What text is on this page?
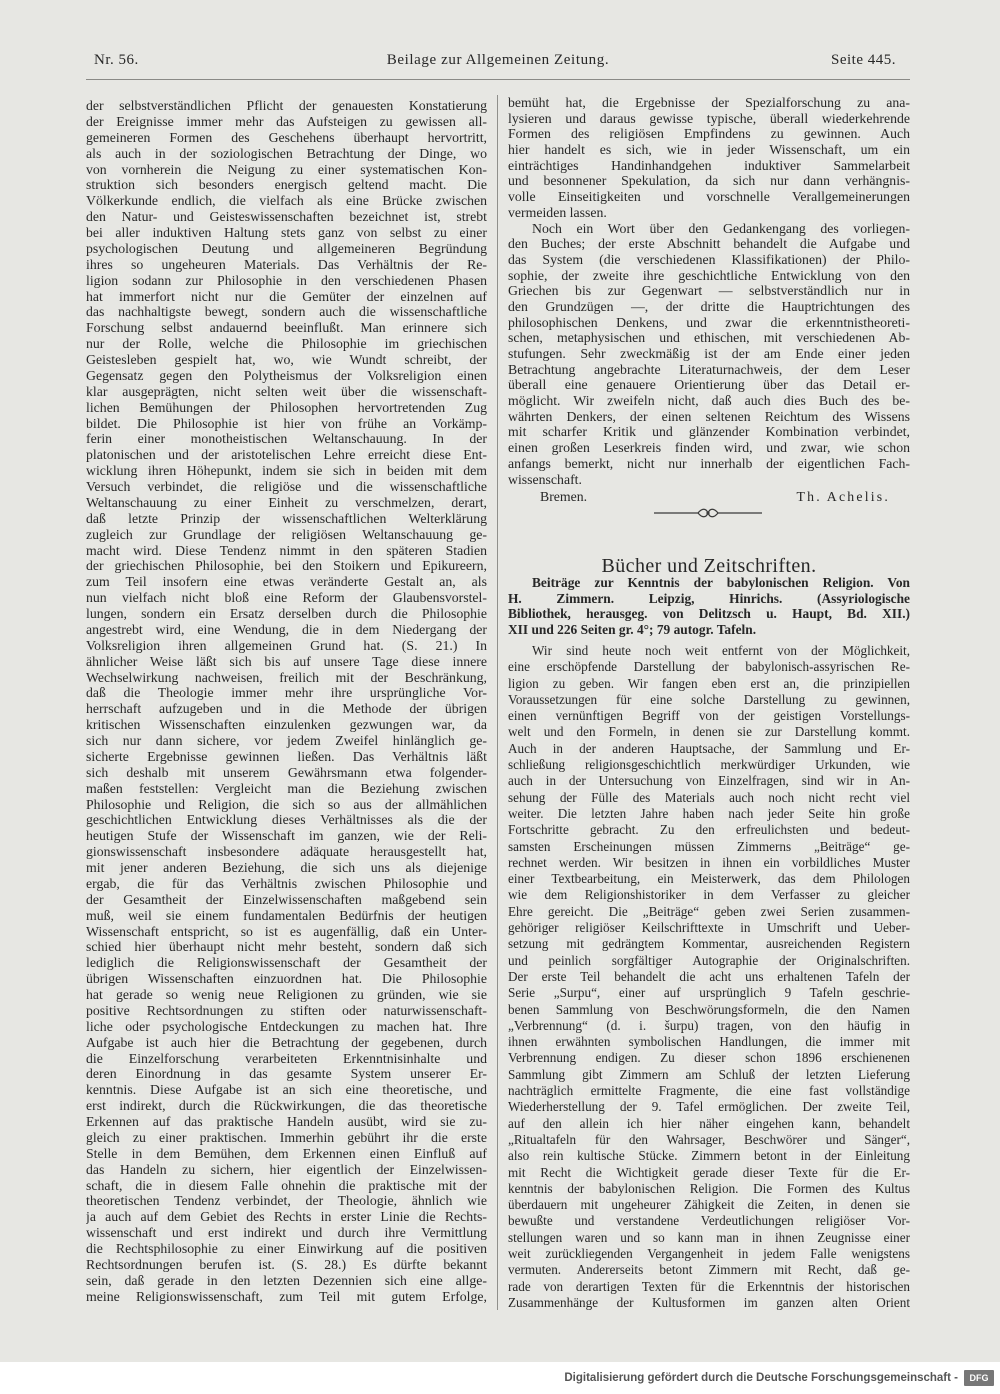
Nr. 56.	Beilage zur Allgemeinen Zeitung.	Seite 445.
der selbstverständlichen Pflicht der genauesten Konstatierung
der Ereignisse immer mehr das Aufsteigen zu gewissen all-
gemeineren Formen des Geschehens überhaupt hervortritt,
als auch in der soziologischen Betrachtung der Dinge, wo
von vornherein die Neigung zu einer systematischen Kon-
struktion sich besonders energisch geltend macht. Die
Völkerkunde endlich, die vielfach als eine Brücke zwischen
den Natur- und Geisteswissenschaften bezeichnet ist, strebt
bei aller induktiven Haltung stets ganz von selbst zu einer
psychologischen Deutung und allgemeineren Begründung
ihres so ungeheuren Materials. Das Verhältnis der Re-
ligion sodann zur Philosophie in den verschiedenen Phasen
hat immerfort nicht nur die Gemüter der einzelnen auf
das nachhaltigste bewegt, sondern auch die wissenschaftliche
Forschung selbst andauernd beeinflußt. Man erinnere sich
nur der Rolle, welche die Philosophie im griechischen
Geistesleben gespielt hat, wo, wie Wundt schreibt, der
Gegensatz gegen den Polytheismus der Volksreligion einen
klar ausgeprägten, nicht selten weit über die wissenschaft-
lichen Bemühungen der Philosophen hervortretenden Zug
bildet. Die Philosophie ist hier von frühe an Vorkämp-
ferin einer monotheistischen Weltanschauung. In der
platonischen und der aristotelischen Lehre erreicht diese Ent-
wicklung ihren Höhepunkt, indem sie sich in beiden mit dem
Versuch verbindet, die religiöse und die wissenschaftliche
Weltanschauung zu einer Einheit zu verschmelzen, derart,
daß letzte Prinzip der wissenschaftlichen Welterklärung
zugleich zur Grundlage der religiösen Weltanschauung ge-
macht wird. Diese Tendenz nimmt in den späteren Stadien
der griechischen Philosophie, bei den Stoikern und Epikureern,
zum Teil insofern eine etwas veränderte Gestalt an, als
nun vielfach nicht bloß eine Reform der Glaubensvorstel-
lungen, sondern ein Ersatz derselben durch die Philosophie
angestrebt wird, eine Wendung, die in dem Niedergang der
Volksreligion ihren allgemeinen Grund hat. (S. 21.) In
ähnlicher Weise läßt sich bis auf unsere Tage diese innere
Wechselwirkung nachweisen, freilich mit der Beschränkung,
daß die Theologie immer mehr ihre ursprüngliche Vor-
herrschaft aufzugeben und in die Methode der übrigen
kritischen Wissenschaften einzulenken gezwungen war, da
sich nur dann sichere, vor jedem Zweifel hinlänglich ge-
sicherte Ergebnisse gewinnen ließen. Das Verhältnis läßt
sich deshalb mit unserem Gewährsmann etwa folgender-
maßen feststellen: Vergleicht man die Beziehung zwischen
Philosophie und Religion, die sich so aus der allmählichen
geschichtlichen Entwicklung dieses Verhältnisses als die der
heutigen Stufe der Wissenschaft im ganzen, wie der Reli-
gionswissenschaft insbesondere adäquate herausgestellt hat,
mit jener anderen Beziehung, die sich uns als diejenige
ergab, die für das Verhältnis zwischen Philosophie und
der Gesamtheit der Einzelwissenschaften maßgebend sein
muß, weil sie einem fundamentalen Bedürfnis der heutigen
Wissenschaft entspricht, so ist es augenfällig, daß ein Unter-
schied hier überhaupt nicht mehr besteht, sondern daß sich
lediglich die Religionswissenschaft der Gesamtheit der
übrigen Wissenschaften einzuordnen hat. Die Philosophie
hat gerade so wenig neue Religionen zu gründen, wie sie
positive Rechtsordnungen zu stiften oder naturwissenschaft-
liche oder psychologische Entdeckungen zu machen hat. Ihre
Aufgabe ist auch hier die Betrachtung der gegebenen, durch
die Einzelforschung verarbeiteten Erkenntnisinhalte und
deren Einordnung in das gesamte System unserer Er-
kenntnis. Diese Aufgabe ist an sich eine theoretische, und
erst indirekt, durch die Rückwirkungen, die das theoretische
Erkennen auf das praktische Handeln ausübt, wird sie zu-
gleich zu einer praktischen. Immerhin gebührt ihr die erste
Stelle in dem Bemühen, dem Erkennen einen Einfluß auf
das Handeln zu sichern, hier eigentlich der Einzelwissen-
schaft, die in diesem Falle ohnehin die praktische mit der
theoretischen Tendenz verbindet, der Theologie, ähnlich wie
ja auch auf dem Gebiet des Rechts in erster Linie die Rechts-
wissenschaft und erst indirekt und durch ihre Vermittlung
die Rechtsphilosophie zu einer Einwirkung auf die positiven
Rechtsordnungen berufen ist. (S. 28.) Es dürfte bekannt
sein, daß gerade in den letzten Dezennien sich eine allge-
meine Religionswissenschaft, zum Teil mit gutem Erfolge,
bemüht hat, die Ergebnisse der Spezialforschung zu ana-
lysieren und daraus gewisse typische, überall wiederkehrende
Formen des religiösen Empfindens zu gewinnen. Auch
hier handelt es sich, wie in jeder Wissenschaft, um ein
einträchtiges Handinhandgehen induktiver Sammelarbeit
und besonnener Spekulation, da sich nur dann verhängnis-
volle Einseitigkeiten und vorschnelle Verallgemeinerungen
vermeiden lassen.
Noch ein Wort über den Gedankengang des vorliegen-
den Buches; der erste Abschnitt behandelt die Aufgabe und
das System (die verschiedenen Klassifikationen) der Philo-
sophie, der zweite ihre geschichtliche Entwicklung von den
Griechen bis zur Gegenwart — selbstverständlich nur in
den Grundzügen —, der dritte die Hauptrichtungen des
philosophischen Denkens, und zwar die erkenntnistheoreti-
schen, metaphysischen und ethischen, mit verschiedenen Ab-
stufungen. Sehr zweckmäßig ist der am Ende einer jeden
Betrachtung angebrachte Literaturnachweis, der dem Leser
überall eine genauere Orientierung über das Detail er-
möglicht. Wir zweifeln nicht, daß auch dies Buch des be-
währten Denkers, der einen seltenen Reichtum des Wissens
mit scharfer Kritik und glänzender Kombination verbindet,
einen großen Leserkreis finden wird, und zwar, wie schon
anfangs bemerkt, nicht nur innerhalb der eigentlichen Fach-
wissenschaft.
Bremen.	Th. Achelis.
Bücher und Zeitschriften.
Beiträge zur Kenntnis der babylonischen Religion. Von
H. Zimmern. Leipzig, Hinrichs. (Assyriologische
Bibliothek, herausgeg. von Delitzsch u. Haupt, Bd. XII.)
XII und 226 Seiten gr. 4°; 79 autogr. Tafeln.
Wir sind heute noch weit entfernt von der Möglichkeit,
eine erschöpfende Darstellung der babylonisch-assyrischen Re-
ligion zu geben. Wir fangen eben erst an, die prinzipiellen
Voraussetzungen für eine solche Darstellung zu gewinnen,
einen vernünftigen Begriff von der geistigen Vorstellungs-
welt und den Formeln, in denen sie zur Darstellung kommt.
Auch in der anderen Hauptsache, der Sammlung und Er-
schließung religionsgeschichtlich merkwürdiger Urkunden, wie
auch in der Untersuchung von Einzelfragen, sind wir in An-
sehung der Fülle des Materials auch noch nicht recht viel
weiter. Die letzten Jahre haben nach jeder Seite hin große
Fortschritte gebracht. Zu den erfreulichsten und bedeut-
samsten Erscheinungen müssen Zimmerns „Beiträge“ ge-
rechnet werden. Wir besitzen in ihnen ein vorbildliches Muster
einer Textbearbeitung, ein Meisterwerk, das dem Philologen
wie dem Religionshistoriker in dem Verfasser zu gleicher
Ehre gereicht. Die „Beiträge“ geben zwei Serien zusammen-
gehöriger religiöser Keilschrifttexte in Umschrift und Ueber-
setzung mit gedrängtem Kommentar, ausreichenden Registern
und peinlich sorgfältiger Autographie der Originalschriften.
Der erste Teil behandelt die acht uns erhaltenen Tafeln der
Serie „Surpu“, einer auf ursprünglich 9 Tafeln geschrie-
benen Sammlung von Beschwörungsformeln, die den Namen
„Verbrennung“ (d. i. šurpu) tragen, von den häufig in
ihnen erwähnten symbolischen Handlungen, die immer mit
Verbrennung endigen. Zu dieser schon 1896 erschienenen
Sammlung gibt Zimmern am Schluß der letzten Lieferung
nachträglich ermittelte Fragmente, die eine fast vollständige
Wiederherstellung der 9. Tafel ermöglichen. Der zweite Teil,
auf den allein ich hier näher eingehen kann, behandelt
„Ritualtafeln für den Wahrsager, Beschwörer und Sänger“,
also rein kultische Stücke. Zimmern betont in der Einleitung
mit Recht die Wichtigkeit gerade dieser Texte für die Er-
kenntnis der babylonischen Religion. Die Formen des Kultus
überdauern mit ungeheurer Zähigkeit die Zeiten, in denen sie
bewußte und verstandene Verdeutlichungen religiöser Vor-
stellungen waren und so kann man in ihnen Zeugnisse einer
weit zurückliegenden Vergangenheit in jedem Falle wenigstens
vermuten. Andererseits betont Zimmern mit Recht, daß ge-
rade von derartigen Texten für die Erkenntnis der historischen
Zusammenhänge der Kultusformen im ganzen alten Orient
Digitalisierung gefördert durch die Deutsche Forschungsgemeinschaft -	DFG
